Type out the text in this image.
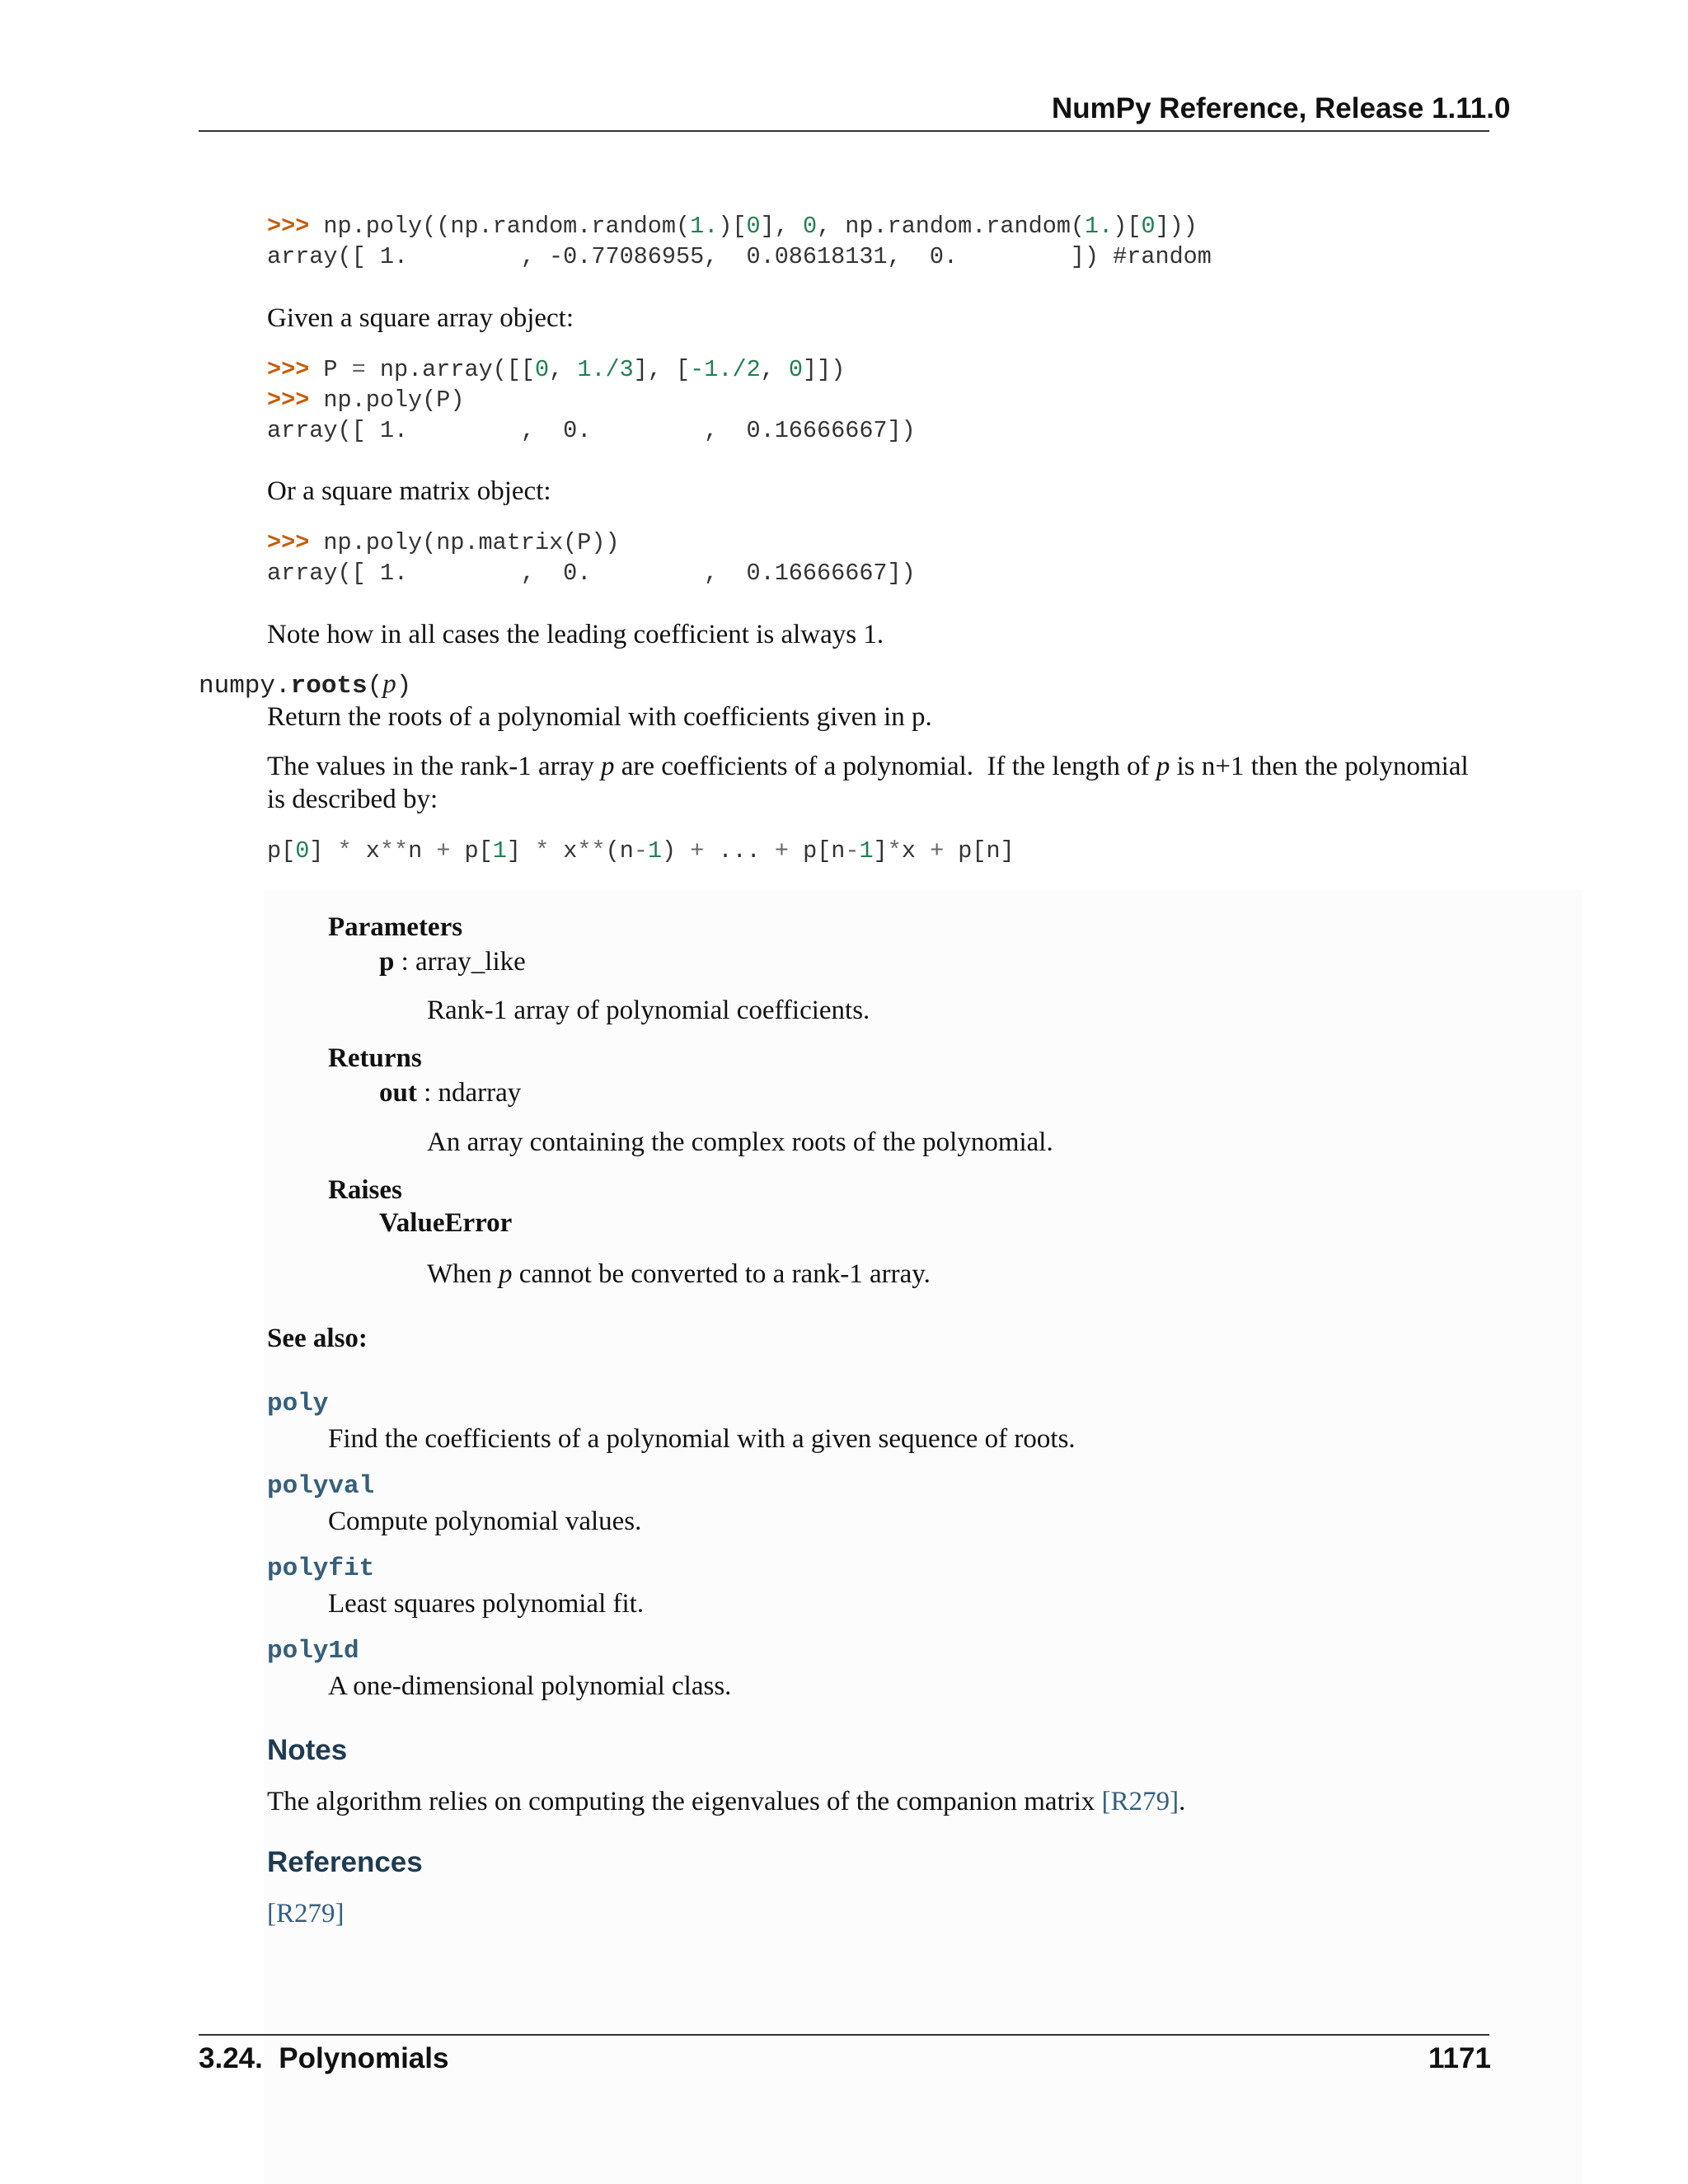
NumPy Reference, Release 1.11.0
>>> np.poly((np.random.random(1.)[0], 0, np.random.random(1.)[0]))
array([ 1.        , -0.77086955,  0.08618131,  0.        ]) #random
Given a square array object:
>>> P = np.array([[0, 1./3], [-1./2, 0]])
>>> np.poly(P)
array([ 1.        ,  0.        ,  0.16666667])
Or a square matrix object:
>>> np.poly(np.matrix(P))
array([ 1.        ,  0.        ,  0.16666667])
Note how in all cases the leading coefficient is always 1.
numpy.roots(p)
Return the roots of a polynomial with coefficients given in p.
The values in the rank-1 array p are coefficients of a polynomial.  If the length of p is n+1 then the polynomial
is described by:
p[0] * x**n + p[1] * x**(n-1) + ... + p[n-1]*x + p[n]
Parameters
p : array_like
Rank-1 array of polynomial coefficients.
Returns
out : ndarray
An array containing the complex roots of the polynomial.
Raises
ValueError
When p cannot be converted to a rank-1 array.
See also:
poly
Find the coefficients of a polynomial with a given sequence of roots.
polyval
Compute polynomial values.
polyfit
Least squares polynomial fit.
poly1d
A one-dimensional polynomial class.
Notes
The algorithm relies on computing the eigenvalues of the companion matrix [R279].
References
[R279]
3.24.  Polynomials	1171
